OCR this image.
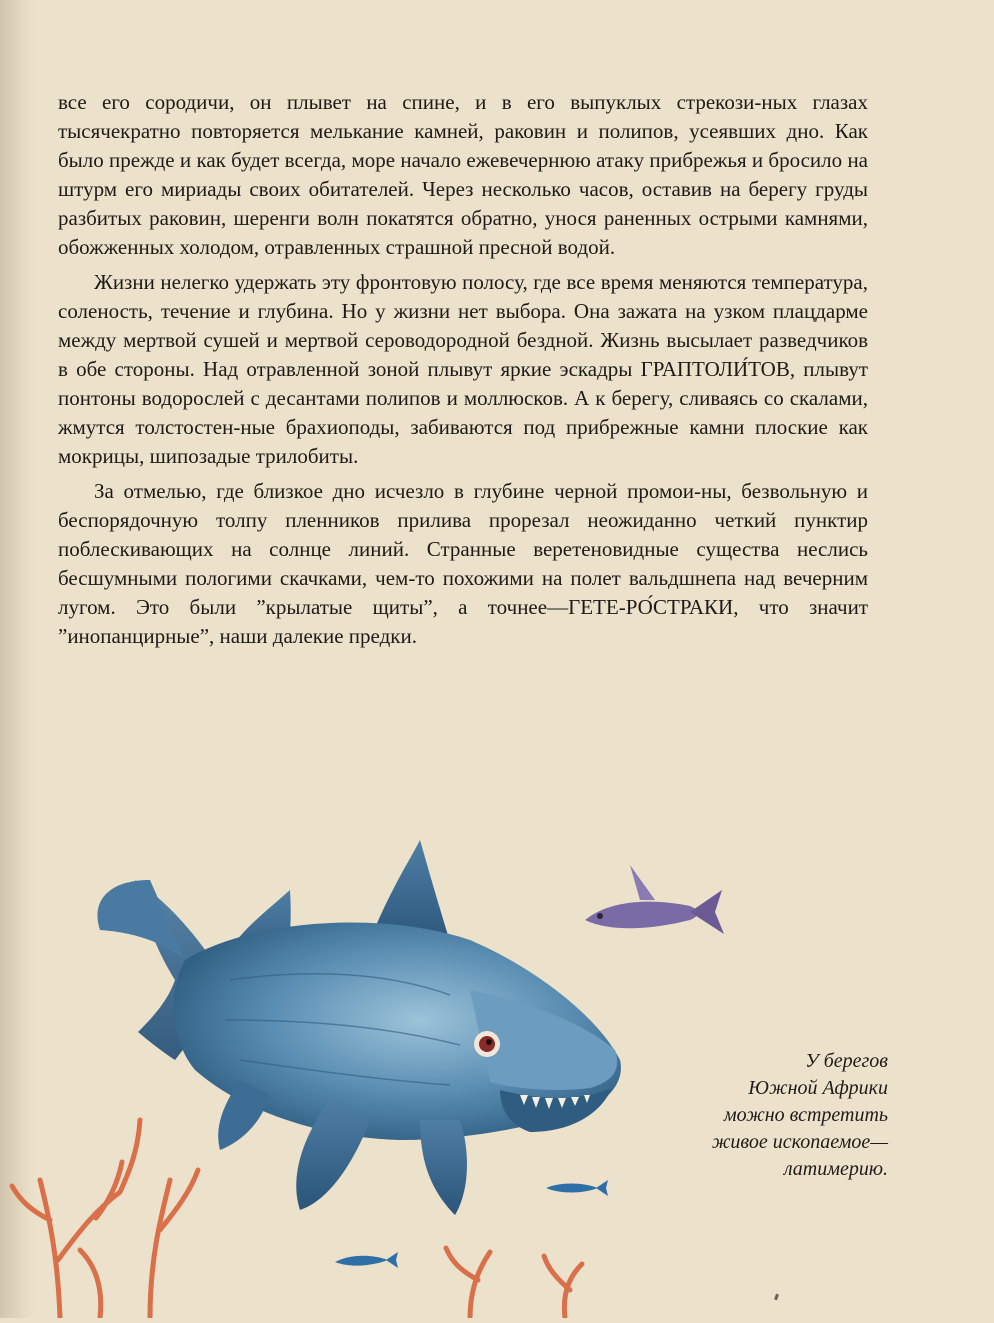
все его сородичи, он плывет на спине, и в его выпуклых стрекози-ных глазах тысячекратно повторяется мелькание камней, раковин и полипов, усеявших дно. Как было прежде и как будет всегда, море начало ежевечернюю атаку прибрежья и бросило на штурм его мириады своих обитателей. Через несколько часов, оставив на берегу груды разбитых раковин, шеренги волн покатятся обратно, унося раненных острыми камнями, обожженных холодом, отравленных страшной пресной водой.

Жизни нелегко удержать эту фронтовую полосу, где все время меняются температура, соленость, течение и глубина. Но у жизни нет выбора. Она зажата на узком плацдарме между мертвой сушей и мертвой сероводородной бездной. Жизнь высылает разведчиков в обе стороны. Над отравленной зоной плывут яркие эскадры ГРАПТОЛИ́ТОВ, плывут понтоны водорослей с десантами полипов и моллюсков. А к берегу, сливаясь со скалами, жмутся толстостен-ные брахиоподы, забиваются под прибрежные камни плоские как мокрицы, шипозадые трилобиты.

За отмелью, где близкое дно исчезло в глубине черной промои-ны, безвольную и беспорядочную толпу пленников прилива прорезал неожиданно четкий пунктир поблескивающих на солнце линий. Странные веретеновидные существа неслись бесшумными пологими скачками, чем-то похожими на полет вальдшнепа над вечерним лугом. Это были ”крылатые щиты”, а точнее—ГЕТЕ-РО́СТРАКИ, что значит ”инопанцирные”, наши далекие предки.

У берегов
Южной Африки
можно встретить
живое ископаемое—
латимерию.
